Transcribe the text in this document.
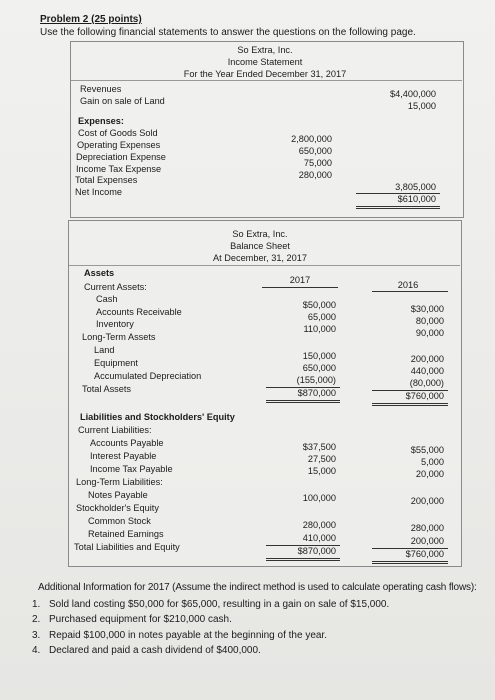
Problem 2 (25 points)
Use the following financial statements to answer the questions on the following page.
So Extra, Inc.
Income Statement
For the Year Ended December 31, 2017
Revenues
Gain on sale of Land
$4,400,000
15,000
Expenses:
Cost of Goods Sold
Operating Expenses
Depreciation Expense
Income Tax Expense
Total Expenses
Net Income
2,800,000
650,000
75,000
280,000
3,805,000
$610,000
So Extra, Inc.
Balance Sheet
At December, 31, 2017
Assets
2017	2016
Current Assets:
Cash
Accounts Receivable
Inventory
Long-Term Assets
Land
Equipment
Accumulated Depreciation
Total Assets
$50,000
65,000
110,000
150,000
650,000
(155,000)
$870,000
$30,000
80,000
90,000
200,000
440,000
(80,000)
$760,000
Liabilities and Stockholders' Equity
Current Liabilities:
Accounts Payable
Interest Payable
Income Tax Payable
Long-Term Liabilities:
Notes Payable
Stockholder's Equity
Common Stock
Retained Earnings
Total Liabilities and Equity
$37,500
27,500
15,000
100,000
280,000
410,000
$870,000
$55,000
5,000
20,000
200,000
280,000
200,000
$760,000
Additional Information for 2017 (Assume the indirect method is used to calculate operating cash flows):
1. Sold land costing $50,000 for $65,000, resulting in a gain on sale of $15,000.
2. Purchased equipment for $210,000 cash.
3. Repaid $100,000 in notes payable at the beginning of the year.
4. Declared and paid a cash dividend of $400,000.
